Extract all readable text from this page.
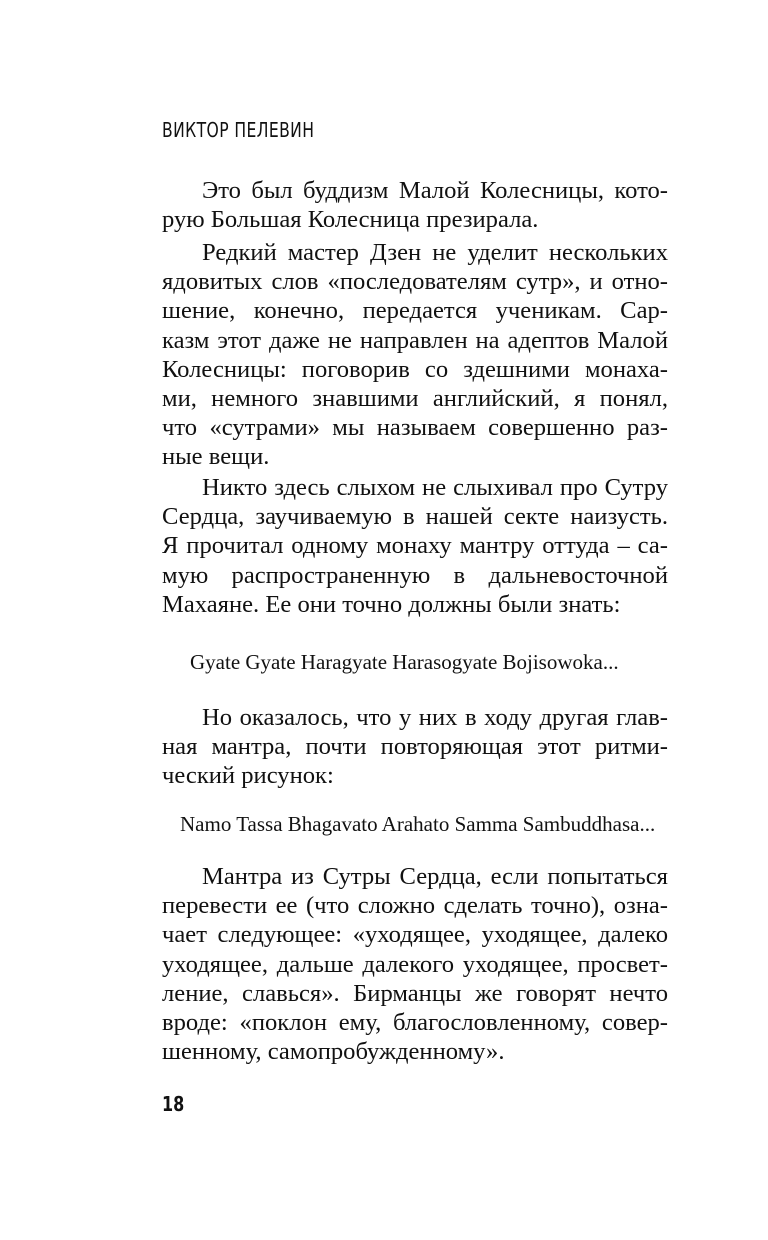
ВИКТОР ПЕЛЕВИН
Это был буддизм Малой Колесницы, кото-
рую Большая Колесница презирала.
Редкий мастер Дзен не уделит нескольких
ядовитых слов «последователям сутр», и отно-
шение, конечно, передается ученикам. Сар-
казм этот даже не направлен на адептов Малой
Колесницы: поговорив со здешними монаха-
ми, немного знавшими английский, я понял,
что «сутрами» мы называем совершенно раз-
ные вещи.
Никто здесь слыхом не слыхивал про Сутру
Сердца, заучиваемую в нашей секте наизусть.
Я прочитал одному монаху мантру оттуда – са-
мую распространенную в дальневосточной
Махаяне. Ее они точно должны были знать:
Gyate Gyate Haragyate Harasogyate Bojisowoka...
Но оказалось, что у них в ходу другая глав-
ная мантра, почти повторяющая этот ритми-
ческий рисунок:
Namo Tassa Bhagavato Arahato Samma Sambuddhasa...
Мантра из Сутры Сердца, если попытаться
перевести ее (что сложно сделать точно), озна-
чает следующее: «уходящее, уходящее, далеко
уходящее, дальше далекого уходящее, просвет-
ление, славься». Бирманцы же говорят нечто
вроде: «поклон ему, благословленному, совер-
шенному, самопробужденному».
18
